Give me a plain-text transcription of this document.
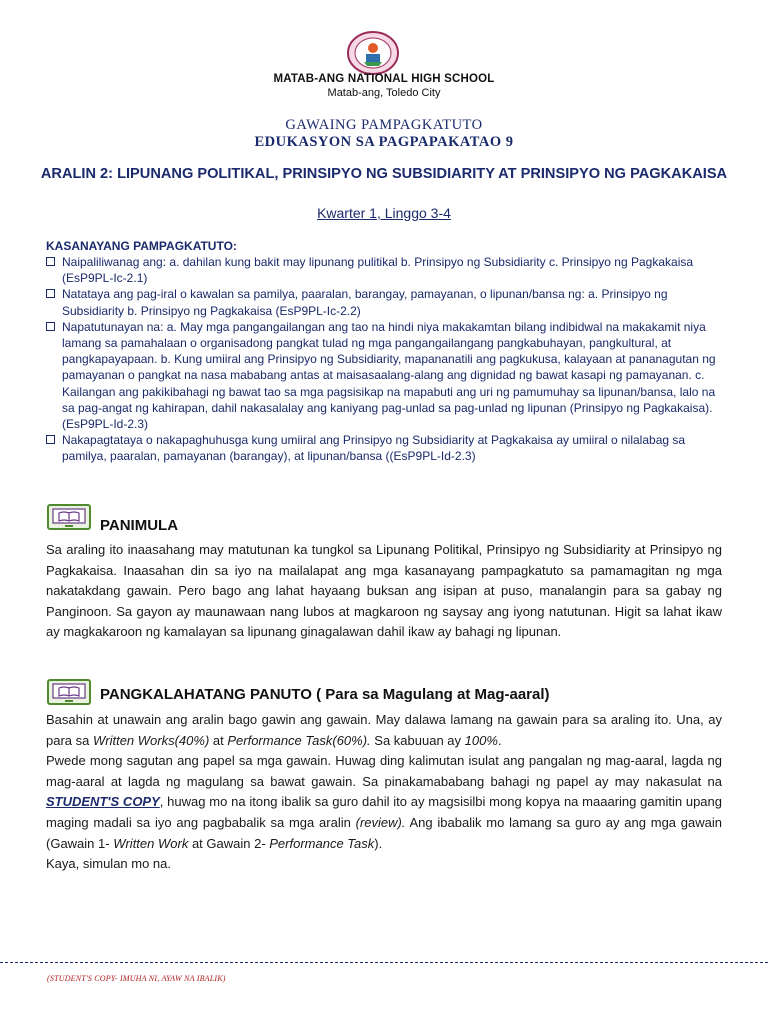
MATAB-ANG NATIONAL HIGH SCHOOL
Matab-ang, Toledo City
GAWAING PAMPAGKATUTO
EDUKASYON SA PAGPAPAKATAO 9
ARALIN 2: LIPUNANG POLITIKAL, PRINSIPYO NG SUBSIDIARITY AT PRINSIPYO NG PAGKAKAISA
Kwarter 1, Linggo 3-4
KASANAYANG PAMPAGKATUTO:
Naipaliliwanag ang: a. dahilan kung bakit may lipunang pulitikal b. Prinsipyo ng Subsidiarity c. Prinsipyo ng Pagkakaisa (EsP9PL-Ic-2.1)
Natataya ang pag-iral o kawalan sa pamilya, paaralan, barangay, pamayanan, o lipunan/bansa ng: a. Prinsipyo ng Subsidiarity b. Prinsipyo ng Pagkakaisa (EsP9PL-Ic-2.2)
Napatutunayan na: a. May mga pangangailangan ang tao na hindi niya makakamtan bilang indibidwal na makakamit niya lamang sa pamahalaan o organisadong pangkat tulad ng mga pangangailangang pangkabuhayan, pangkultural, at pangkapayapaan. b. Kung umiiral ang Prinsipyo ng Subsidiarity, mapananatili ang pagkukusa, kalayaan at pananagutan ng pamayanan o pangkat na nasa mababang antas at maisasaalang-alang ang dignidad ng bawat kasapi ng pamayanan. c. Kailangan ang pakikibahagi ng bawat tao sa mga pagsisikap na mapabuti ang uri ng pamumuhay sa lipunan/bansa, lalo na sa pag-angat ng kahirapan, dahil nakasalalay ang kaniyang pag-unlad sa pag-unlad ng lipunan (Prinsipyo ng Pagkakaisa). (EsP9PL-Id-2.3)
Nakapagtataya o nakapaghuhusga kung umiiral ang Prinsipyo ng Subsidiarity at Pagkakaisa ay umiiral o nilalabag sa pamilya, paaralan, pamayanan (barangay), at lipunan/bansa ((EsP9PL-Id-2.3)
PANIMULA
Sa araling ito inaasahang may matutunan ka tungkol sa Lipunang Politikal, Prinsipyo ng Subsidiarity at Prinsipyo ng Pagkakaisa. Inaasahan din sa iyo na mailalapat ang mga kasanayang pampagkatuto sa pamamagitan ng mga nakatakdang gawain. Pero bago ang lahat hayaang buksan ang isipan at puso, manalangin para sa gabay ng Panginoon. Sa gayon ay maunawaan nang lubos at magkaroon ng saysay ang iyong natutunan. Higit sa lahat ikaw ay magkakaroon ng kamalayan sa lipunang ginagalawan dahil ikaw ay bahagi ng lipunan.
PANGKALAHATANG PANUTO ( Para sa Magulang at Mag-aaral)

Basahin at unawain ang aralin bago gawin ang gawain. May dalawa lamang na gawain para sa araling ito. Una, ay para sa Written Works(40%) at Performance Task(60%). Sa kabuuan ay 100%.

Pwede mong sagutan ang papel sa mga gawain. Huwag ding kalimutan isulat ang pangalan ng mag-aaral, lagda ng mag-aaral at lagda ng magulang sa bawat gawain. Sa pinakamababang bahagi ng papel ay may nakasulat na STUDENT'S COPY, huwag mo na itong ibalik sa guro dahil ito ay magsisilbi mong kopya na maaaring gamitin upang maging madali sa iyo ang pagbabalik sa mga aralin (review). Ang ibabalik mo lamang sa guro ay ang mga gawain (Gawain 1- Written Work at Gawain 2- Performance Task).

Kaya, simulan mo na.

(STUDENT'S COPY- IMUHA NI, AYAW NA IBALIK)
